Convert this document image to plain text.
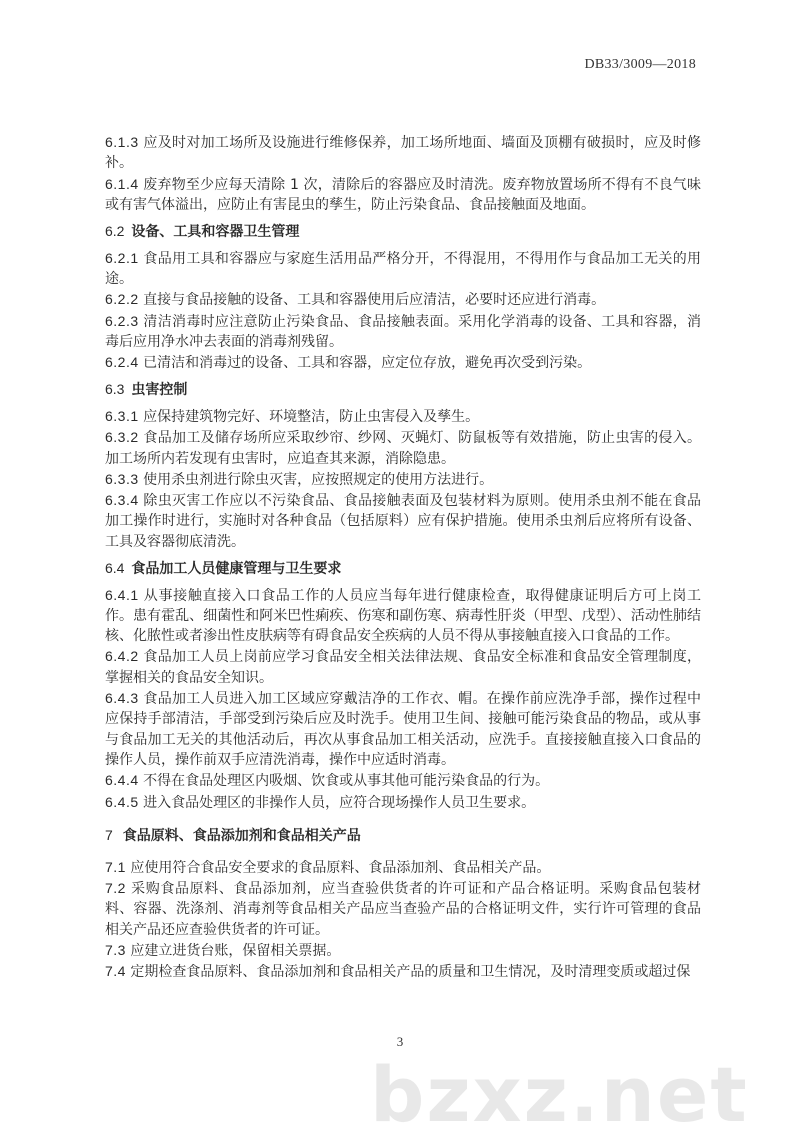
DB33/3009—2018

6.1.3 应及时对加工场所及设施进行维修保养，加工场所地面、墙面及顶棚有破损时，应及时修补。

6.1.4 废弃物至少应每天清除 1 次，清除后的容器应及时清洗。废弃物放置场所不得有不良气味或有害气体溢出，应防止有害昆虫的孳生，防止污染食品、食品接触面及地面。

6.2 设备、工具和容器卫生管理

6.2.1 食品用工具和容器应与家庭生活用品严格分开，不得混用，不得用作与食品加工无关的用途。

6.2.2 直接与食品接触的设备、工具和容器使用后应清洁，必要时还应进行消毒。

6.2.3 清洁消毒时应注意防止污染食品、食品接触表面。采用化学消毒的设备、工具和容器，消毒后应用净水冲去表面的消毒剂残留。

6.2.4 已清洁和消毒过的设备、工具和容器，应定位存放，避免再次受到污染。

6.3 虫害控制

6.3.1 应保持建筑物完好、环境整洁，防止虫害侵入及孳生。

6.3.2 食品加工及储存场所应采取纱帘、纱网、灭蝇灯、防鼠板等有效措施，防止虫害的侵入。加工场所内若发现有虫害时，应追查其来源，消除隐患。

6.3.3 使用杀虫剂进行除虫灭害，应按照规定的使用方法进行。

6.3.4 除虫灭害工作应以不污染食品、食品接触表面及包装材料为原则。使用杀虫剂不能在食品加工操作时进行，实施时对各种食品（包括原料）应有保护措施。使用杀虫剂后应将所有设备、工具及容器彻底清洗。

6.4 食品加工人员健康管理与卫生要求

6.4.1 从事接触直接入口食品工作的人员应当每年进行健康检查，取得健康证明后方可上岗工作。患有霍乱、细菌性和阿米巴性痢疾、伤寒和副伤寒、病毒性肝炎（甲型、戊型）、活动性肺结核、化脓性或者渗出性皮肤病等有碍食品安全疾病的人员不得从事接触直接入口食品的工作。

6.4.2 食品加工人员上岗前应学习食品安全相关法律法规、食品安全标准和食品安全管理制度，掌握相关的食品安全知识。

6.4.3 食品加工人员进入加工区域应穿戴洁净的工作衣、帽。在操作前应洗净手部，操作过程中应保持手部清洁，手部受到污染后应及时洗手。使用卫生间、接触可能污染食品的物品，或从事与食品加工无关的其他活动后，再次从事食品加工相关活动，应洗手。直接接触直接入口食品的操作人员，操作前双手应清洗消毒，操作中应适时消毒。

6.4.4 不得在食品处理区内吸烟、饮食或从事其他可能污染食品的行为。

6.4.5 进入食品处理区的非操作人员，应符合现场操作人员卫生要求。

7 食品原料、食品添加剂和食品相关产品

7.1 应使用符合食品安全要求的食品原料、食品添加剂、食品相关产品。

7.2 采购食品原料、食品添加剂，应当查验供货者的许可证和产品合格证明。采购食品包装材料、容器、洗涤剂、消毒剂等食品相关产品应当查验产品的合格证明文件，实行许可管理的食品相关产品还应查验供货者的许可证。

7.3 应建立进货台账，保留相关票据。

7.4 定期检查食品原料、食品添加剂和食品相关产品的质量和卫生情况，及时清理变质或超过保

3
bzxz.net
